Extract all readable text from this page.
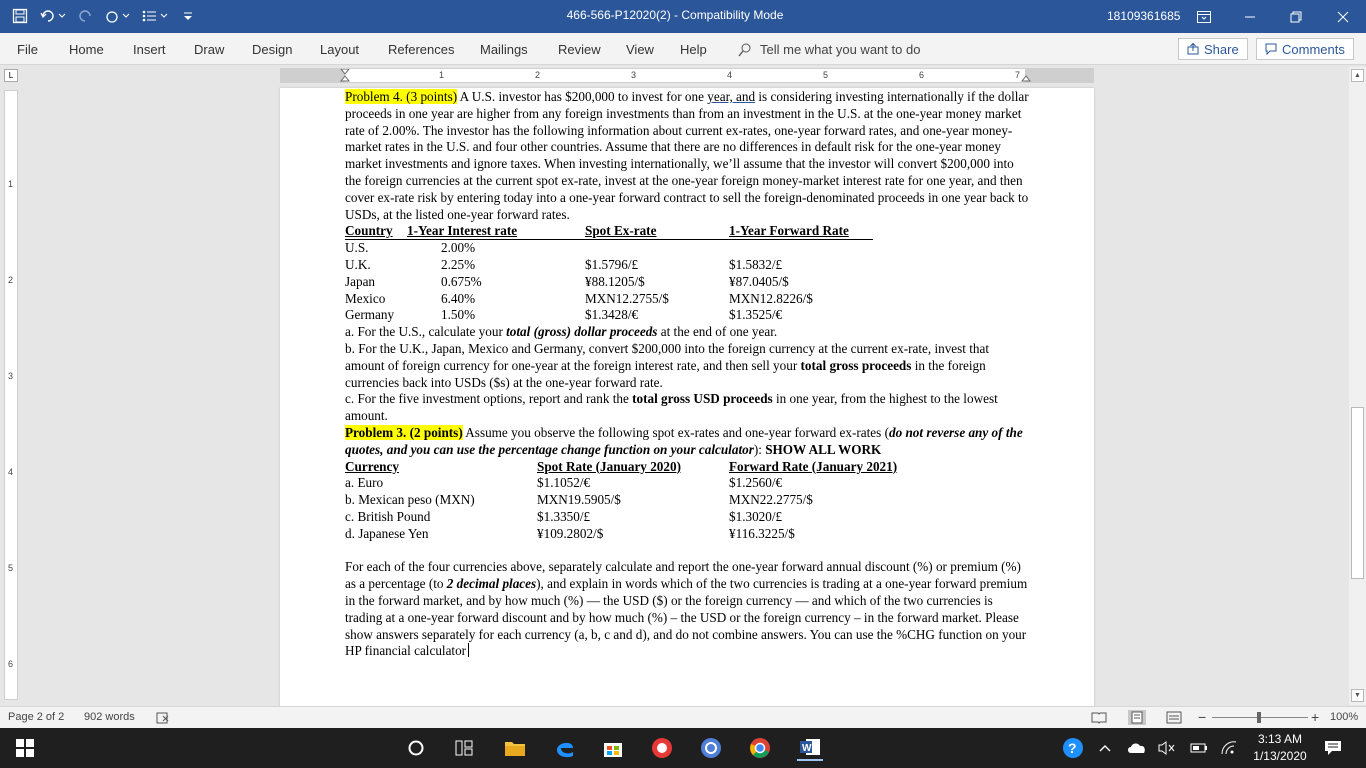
466-566-P12020(2) - Compatibility Mode	18109361685
File Home Insert Draw Design Layout References Mailings Review View Help	Tell me what you want to do	Share	Comments
L	1	2	3	4	5	6	7
1
2
3
4
5
6

Problem 4. (3 points) A U.S. investor has $200,000 to invest for one year, and is considering investing internationally if the dollar proceeds in one year are higher from any foreign investments than from an investment in the U.S. at the one-year money market rate of 2.00%. The investor has the following information about current ex-rates, one-year forward rates, and one-year money-market rates in the U.S. and four other countries. Assume that there are no differences in default risk for the one-year money market investments and ignore taxes. When investing internationally, we’ll assume that the investor will convert $200,000 into the foreign currencies at the current spot ex-rate, invest at the one-year foreign money-market interest rate for one year, and then cover ex-rate risk by entering today into a one-year forward contract to sell the foreign-denominated proceeds in one year back to USDs, at the listed one-year forward rates.

Country 1-Year Interest rate	Spot Ex-rate	1-Year Forward Rate
U.S.	2.00%
U.K.	2.25%	$1.5796/£	$1.5832/£
Japan	0.675%	¥88.1205/$	¥87.0405/$
Mexico	6.40%	MXN12.2755/$	MXN12.8226/$
Germany	1.50%	$1.3428/€	$1.3525/€

a. For the U.S., calculate your total (gross) dollar proceeds at the end of one year.

b. For the U.K., Japan, Mexico and Germany, convert $200,000 into the foreign currency at the current ex-rate, invest that amount of foreign currency for one-year at the foreign interest rate, and then sell your total gross proceeds in the foreign currencies back into USDs ($s) at the one-year forward rate.

c. For the five investment options, report and rank the total gross USD proceeds in one year, from the highest to the lowest amount.

Problem 3. (2 points) Assume you observe the following spot ex-rates and one-year forward ex-rates (do not reverse any of the quotes, and you can use the percentage change function on your calculator): SHOW ALL WORK

Currency	Spot Rate (January 2020)	Forward Rate (January 2021)
a. Euro	$1.1052/€	$1.2560/€
b. Mexican peso (MXN)	MXN19.5905/$	MXN22.2775/$
c. British Pound	$1.3350/£	$1.3020/£
d. Japanese Yen	¥109.2802/$	¥116.3225/$

For each of the four currencies above, separately calculate and report the one-year forward annual discount (%) or premium (%) as a percentage (to 2 decimal places), and explain in words which of the two currencies is trading at a one-year forward premium in the forward market, and by how much (%) — the USD ($) or the foreign currency — and which of the two currencies is trading at a one-year forward discount and by how much (%) – the USD or the foreign currency – in the forward market. Please show answers separately for each currency (a, b, c and d), and do not combine answers. You can use the %CHG function on your HP financial calculator

▲
▼
Page 2 of 2 902 words	−	+ 100%
W	?
3:13 AM
1/13/2020
